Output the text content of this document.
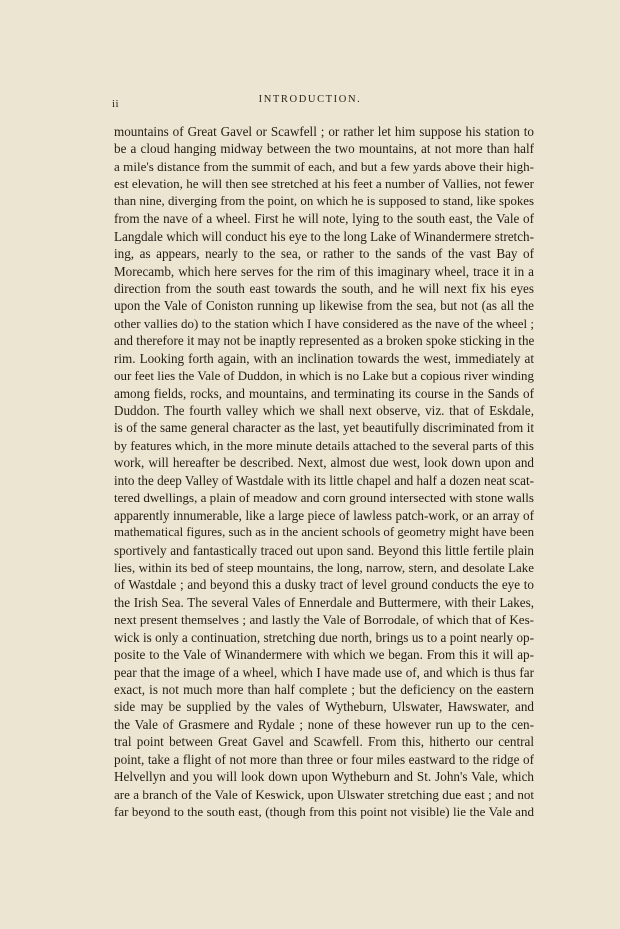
ii	INTRODUCTION.
mountains of Great Gavel or Scawfell ; or rather let him suppose his station to
be a cloud hanging midway between the two mountains, at not more than half
a mile's distance from the summit of each, and but a few yards above their high-
est elevation, he will then see stretched at his feet a number of Vallies, not fewer
than nine, diverging from the point, on which he is supposed to stand, like spokes
from the nave of a wheel. First he will note, lying to the south east, the Vale of
Langdale which will conduct his eye to the long Lake of Winandermere stretch-
ing, as appears, nearly to the sea, or rather to the sands of the vast Bay of
Morecamb, which here serves for the rim of this imaginary wheel, trace it in a
direction from the south east towards the south, and he will next fix his eyes
upon the Vale of Coniston running up likewise from the sea, but not (as all the
other vallies do) to the station which I have considered as the nave of the wheel ;
and therefore it may not be inaptly represented as a broken spoke sticking in the
rim. Looking forth again, with an inclination towards the west, immediately at
our feet lies the Vale of Duddon, in which is no Lake but a copious river winding
among fields, rocks, and mountains, and terminating its course in the Sands of
Duddon. The fourth valley which we shall next observe, viz. that of Eskdale,
is of the same general character as the last, yet beautifully discriminated from it
by features which, in the more minute details attached to the several parts of this
work, will hereafter be described. Next, almost due west, look down upon and
into the deep Valley of Wastdale with its little chapel and half a dozen neat scat-
tered dwellings, a plain of meadow and corn ground intersected with stone walls
apparently innumerable, like a large piece of lawless patch-work, or an array of
mathematical figures, such as in the ancient schools of geometry might have been
sportively and fantastically traced out upon sand. Beyond this little fertile plain
lies, within its bed of steep mountains, the long, narrow, stern, and desolate Lake
of Wastdale ; and beyond this a dusky tract of level ground conducts the eye to
the Irish Sea. The several Vales of Ennerdale and Buttermere, with their Lakes,
next present themselves ; and lastly the Vale of Borrodale, of which that of Kes-
wick is only a continuation, stretching due north, brings us to a point nearly op-
posite to the Vale of Winandermere with which we began. From this it will ap-
pear that the image of a wheel, which I have made use of, and which is thus far
exact, is not much more than half complete ; but the deficiency on the eastern
side may be supplied by the vales of Wytheburn, Ulswater, Hawswater, and
the Vale of Grasmere and Rydale ; none of these however run up to the cen-
tral point between Great Gavel and Scawfell. From this, hitherto our central
point, take a flight of not more than three or four miles eastward to the ridge of
Helvellyn and you will look down upon Wytheburn and St. John's Vale, which
are a branch of the Vale of Keswick, upon Ulswater stretching due east ; and not
far beyond to the south east, (though from this point not visible) lie the Vale and
